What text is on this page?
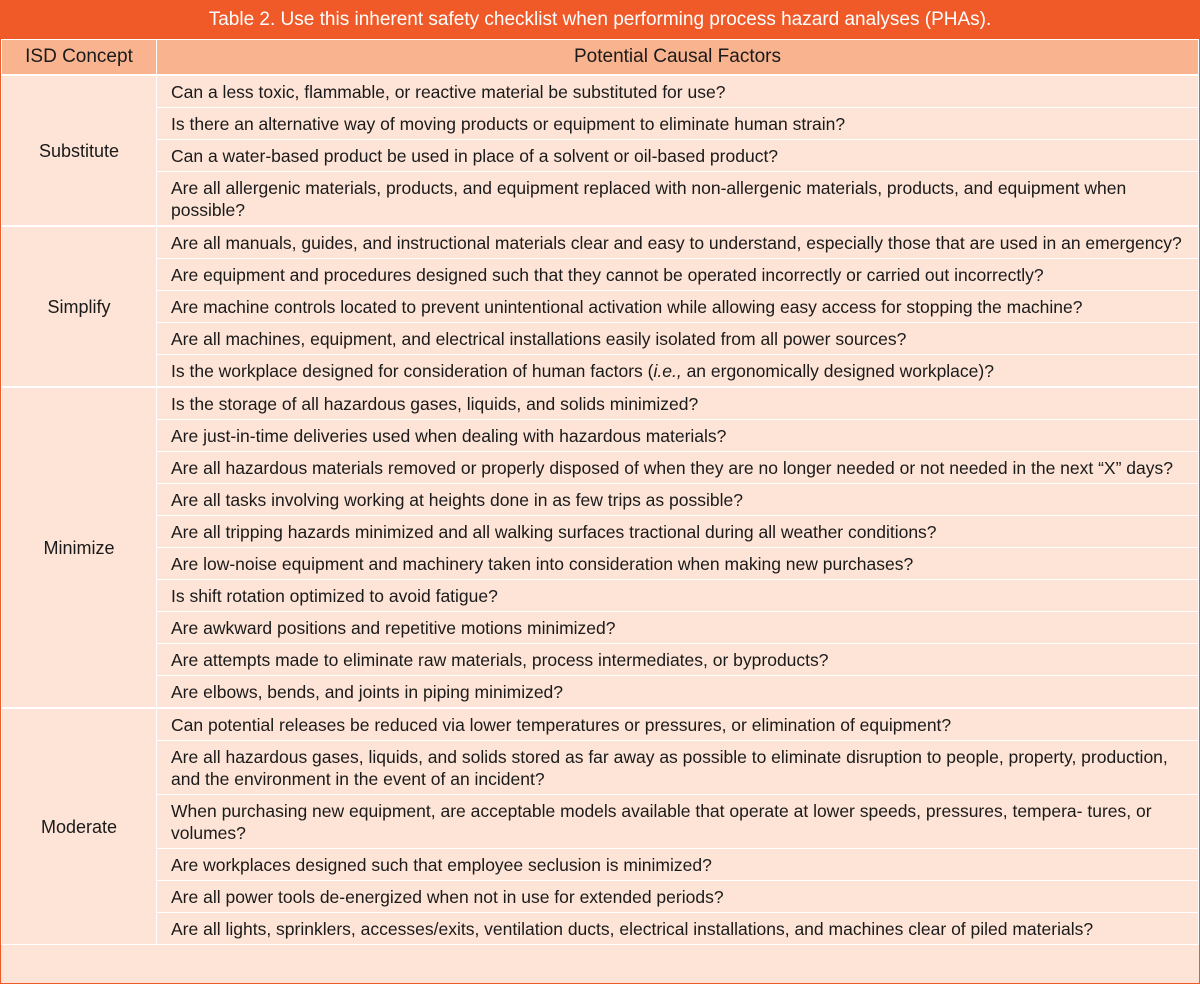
Table 2. Use this inherent safety checklist when performing process hazard analyses (PHAs).
ISD Concept	Potential Causal Factors
Substitute	Can a less toxic, flammable, or reactive material be substituted for use?
	Is there an alternative way of moving products or equipment to eliminate human strain?
	Can a water-based product be used in place of a solvent or oil-based product?
	Are all allergenic materials, products, and equipment replaced with non-allergenic materials, products, and equipment when possible?
Simplify	Are all manuals, guides, and instructional materials clear and easy to understand, especially those that are used in an emergency?
	Are equipment and procedures designed such that they cannot be operated incorrectly or carried out incorrectly?
	Are machine controls located to prevent unintentional activation while allowing easy access for stopping the machine?
	Are all machines, equipment, and electrical installations easily isolated from all power sources?
	Is the workplace designed for consideration of human factors (i.e., an ergonomically designed workplace)?
Minimize	Is the storage of all hazardous gases, liquids, and solids minimized?
	Are just-in-time deliveries used when dealing with hazardous materials?
	Are all hazardous materials removed or properly disposed of when they are no longer needed or not needed in the next “X” days?
	Are all tasks involving working at heights done in as few trips as possible?
	Are all tripping hazards minimized and all walking surfaces tractional during all weather conditions?
	Are low-noise equipment and machinery taken into consideration when making new purchases?
	Is shift rotation optimized to avoid fatigue?
	Are awkward positions and repetitive motions minimized?
	Are attempts made to eliminate raw materials, process intermediates, or byproducts?
	Are elbows, bends, and joints in piping minimized?
Moderate	Can potential releases be reduced via lower temperatures or pressures, or elimination of equipment?
	Are all hazardous gases, liquids, and solids stored as far away as possible to eliminate disruption to people, property, production, and the environment in the event of an incident?
	When purchasing new equipment, are acceptable models available that operate at lower speeds, pressures, tempera- tures, or volumes?
	Are workplaces designed such that employee seclusion is minimized?
	Are all power tools de-energized when not in use for extended periods?
	Are all lights, sprinklers, accesses/exits, ventilation ducts, electrical installations, and machines clear of piled materials?
